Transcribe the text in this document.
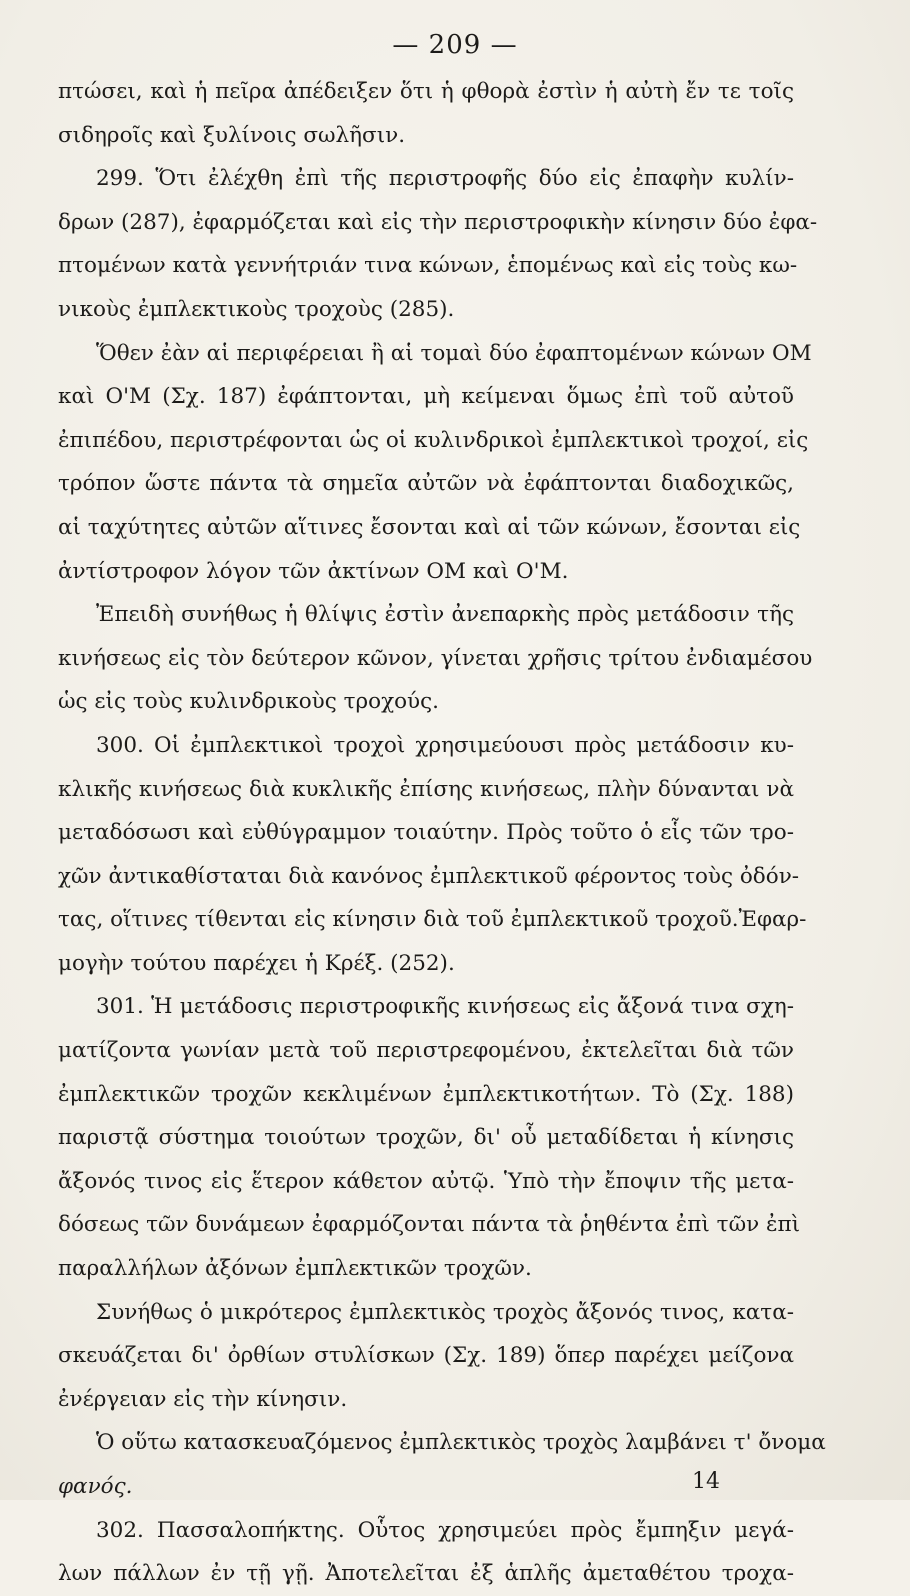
— 209 —
πτώσει, καὶ ἡ πεῖρα ἀπέδειξεν ὅτι ἡ φθορὰ ἐστὶν ἡ αὐτὴ ἔν τε τοῖς
σιδηροῖς καὶ ξυλίνοις σωλῆσιν.
299. Ὅτι ἐλέχθη ἐπὶ τῆς περιστροφῆς δύο εἰς ἐπαφὴν κυλίν-
δρων (287), ἐφαρμόζεται καὶ εἰς τὴν περιστροφικὴν κίνησιν δύο ἐφα-
πτομένων κατὰ γεννήτριάν τινα κώνων, ἑπομένως καὶ εἰς τοὺς κω-
νικοὺς ἐμπλεκτικοὺς τροχοὺς (285).
Ὅθεν ἐὰν αἱ περιφέρειαι ἢ αἱ τομαὶ δύο ἐφαπτομένων κώνων ΟΜ
καὶ Ο'Μ (Σχ. 187) ἐφάπτονται, μὴ κείμεναι ὅμως ἐπὶ τοῦ αὐτοῦ
ἐπιπέδου, περιστρέφονται ὡς οἱ κυλινδρικοὶ ἐμπλεκτικοὶ τροχοί, εἰς
τρόπον ὥστε πάντα τὰ σημεῖα αὐτῶν νὰ ἐφάπτονται διαδοχικῶς,
αἱ ταχύτητες αὐτῶν αἵτινες ἔσονται καὶ αἱ τῶν κώνων, ἔσονται εἰς
ἀντίστροφον λόγον τῶν ἀκτίνων ΟΜ καὶ Ο'Μ.
Ἐπειδὴ συνήθως ἡ θλίψις ἐστὶν ἀνεπαρκὴς πρὸς μετάδοσιν τῆς
κινήσεως εἰς τὸν δεύτερον κῶνον, γίνεται χρῆσις τρίτου ἐνδιαμέσου
ὡς εἰς τοὺς κυλινδρικοὺς τροχούς.
300. Οἱ ἐμπλεκτικοὶ τροχοὶ χρησιμεύουσι πρὸς μετάδοσιν κυ-
κλικῆς κινήσεως διὰ κυκλικῆς ἐπίσης κινήσεως, πλὴν δύνανται νὰ
μεταδόσωσι καὶ εὐθύγραμμον τοιαύτην. Πρὸς τοῦτο ὁ εἷς τῶν τρο-
χῶν ἀντικαθίσταται διὰ κανόνος ἐμπλεκτικοῦ φέροντος τοὺς ὀδόν-
τας, οἵτινες τίθενται εἰς κίνησιν διὰ τοῦ ἐμπλεκτικοῦ τροχοῦ.Ἐφαρ-
μογὴν τούτου παρέχει ἡ Κρέξ. (252).
301. Ἡ μετάδοσις περιστροφικῆς κινήσεως εἰς ἄξονά τινα σχη-
ματίζοντα γωνίαν μετὰ τοῦ περιστρεφομένου, ἐκτελεῖται διὰ τῶν
ἐμπλεκτικῶν τροχῶν κεκλιμένων ἐμπλεκτικοτήτων. Τὸ (Σχ. 188)
παριστᾷ σύστημα τοιούτων τροχῶν, δι' οὗ μεταδίδεται ἡ κίνησις
ἄξονός τινος εἰς ἕτερον κάθετον αὐτῷ. Ὑπὸ τὴν ἔποψιν τῆς μετα-
δόσεως τῶν δυνάμεων ἐφαρμόζονται πάντα τὰ ῥηθέντα ἐπὶ τῶν ἐπὶ
παραλλήλων ἀξόνων ἐμπλεκτικῶν τροχῶν.
Συνήθως ὁ μικρότερος ἐμπλεκτικὸς τροχὸς ἄξονός τινος, κατα-
σκευάζεται δι' ὀρθίων στυλίσκων (Σχ. 189) ὅπερ παρέχει μείζονα
ἐνέργειαν εἰς τὴν κίνησιν.
Ὁ οὕτω κατασκευαζόμενος ἐμπλεκτικὸς τροχὸς λαμβάνει τ' ὄνομα
φανός.
302. Πασσαλοπήκτης. Οὗτος χρησιμεύει πρὸς ἔμπηξιν μεγά-
λων πάλλων ἐν τῇ γῇ. Ἀποτελεῖται ἐξ ἁπλῆς ἀμεταθέτου τροχα-
14
